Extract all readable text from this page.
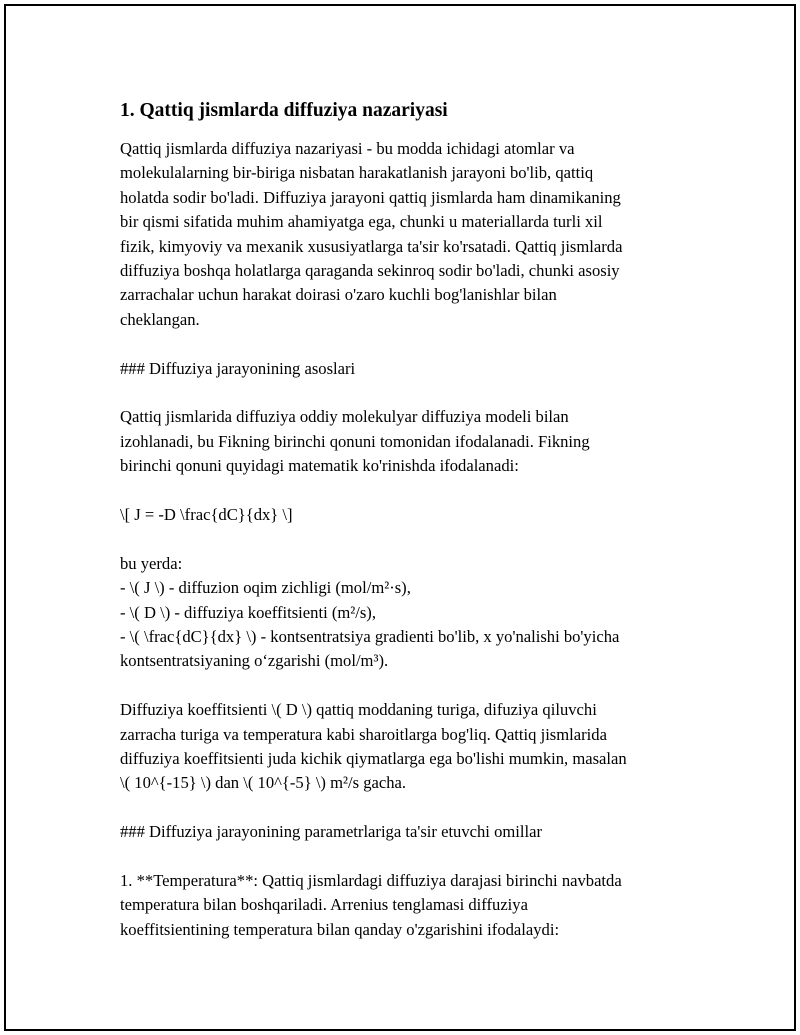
1. Qattiq jismlarda diffuziya nazariyasi
Qattiq jismlarda diffuziya nazariyasi - bu modda ichidagi atomlar va
molekulalarning bir-biriga nisbatan harakatlanish jarayoni bo'lib, qattiq
holatda sodir bo'ladi. Diffuziya jarayoni qattiq jismlarda ham dinamikaning
bir qismi sifatida muhim ahamiyatga ega, chunki u materiallarda turli xil
fizik, kimyoviy va mexanik xususiyatlarga ta'sir ko'rsatadi. Qattiq jismlarda
diffuziya boshqa holatlarga qaraganda sekinroq sodir bo'ladi, chunki asosiy
zarrachalar uchun harakat doirasi o'zaro kuchli bog'lanishlar bilan
cheklangan.
### Diffuziya jarayonining asoslari
Qattiq jismlarida diffuziya oddiy molekulyar diffuziya modeli bilan
izohlanadi, bu Fikning birinchi qonuni tomonidan ifodalanadi. Fikning
birinchi qonuni quyidagi matematik ko'rinishda ifodalanadi:
\[ J = -D \frac{dC}{dx} \]
bu yerda:
- \( J \) - diffuzion oqim zichligi (mol/m²·s),
- \( D \) - diffuziya koeffitsienti (m²/s),
- \( \frac{dC}{dx} \) - kontsentratsiya gradienti bo'lib, x yo'nalishi bo'yicha
kontsentratsiyaning o‘zgarishi (mol/m³).
Diffuziya koeffitsienti \( D \) qattiq moddaning turiga, difuziya qiluvchi
zarracha turiga va temperatura kabi sharoitlarga bog'liq. Qattiq jismlarida
diffuziya koeffitsienti juda kichik qiymatlarga ega bo'lishi mumkin, masalan
\( 10^{-15} \) dan \( 10^{-5} \) m²/s gacha.
### Diffuziya jarayonining parametrlariga ta'sir etuvchi omillar
1. **Temperatura**: Qattiq jismlardagi diffuziya darajasi birinchi navbatda
temperatura bilan boshqariladi. Arrenius tenglamasi diffuziya
koeffitsientining temperatura bilan qanday o'zgarishini ifodalaydi:
